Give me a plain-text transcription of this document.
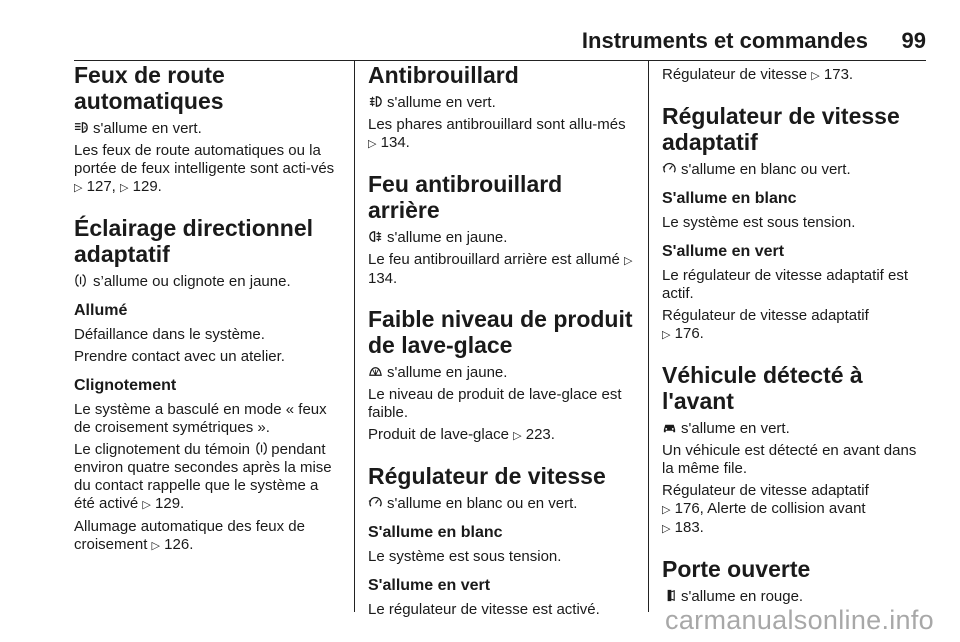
Instruments et commandes 99
Feux de route automatiques

A s'allume en vert.

Les feux de route automatiques ou la portée de feux intelligente sont acti-vés ▷ 127, ▷ 129.

Éclairage directionnel adaptatif

s’allume ou clignote en jaune.

Allumé

Défaillance dans le système.

Prendre contact avec un atelier.

Clignotement

Le système a basculé en mode « feux de croisement symétriques ».

Le clignotement du témoin pendant environ quatre secondes après la mise du contact rappelle que le système a été activé ▷ 129.

Allumage automatique des feux de croisement ▷ 126.

Antibrouillard

s'allume en vert.

Les phares antibrouillard sont allu-més ▷ 134.

Feu antibrouillard arrière

s'allume en jaune.

Le feu antibrouillard arrière est allumé ▷ 134.

Faible niveau de produit de lave-glace

s'allume en jaune.

Le niveau de produit de lave-glace est faible.

Produit de lave-glace ▷ 223.

Régulateur de vitesse

s'allume en blanc ou en vert.

S'allume en blanc

Le système est sous tension.

S'allume en vert

Le régulateur de vitesse est activé.

Régulateur de vitesse ▷ 173.

Régulateur de vitesse adaptatif

s'allume en blanc ou vert.

S'allume en blanc

Le système est sous tension.

S'allume en vert

Le régulateur de vitesse adaptatif est actif.

Régulateur de vitesse adaptatif
▷ 176.

Véhicule détecté à l'avant

s'allume en vert.

Un véhicule est détecté en avant dans la même file.

Régulateur de vitesse adaptatif
▷ 176, Alerte de collision avant
▷ 183.

Porte ouverte

s'allume en rouge.

carmanualsonline.info
